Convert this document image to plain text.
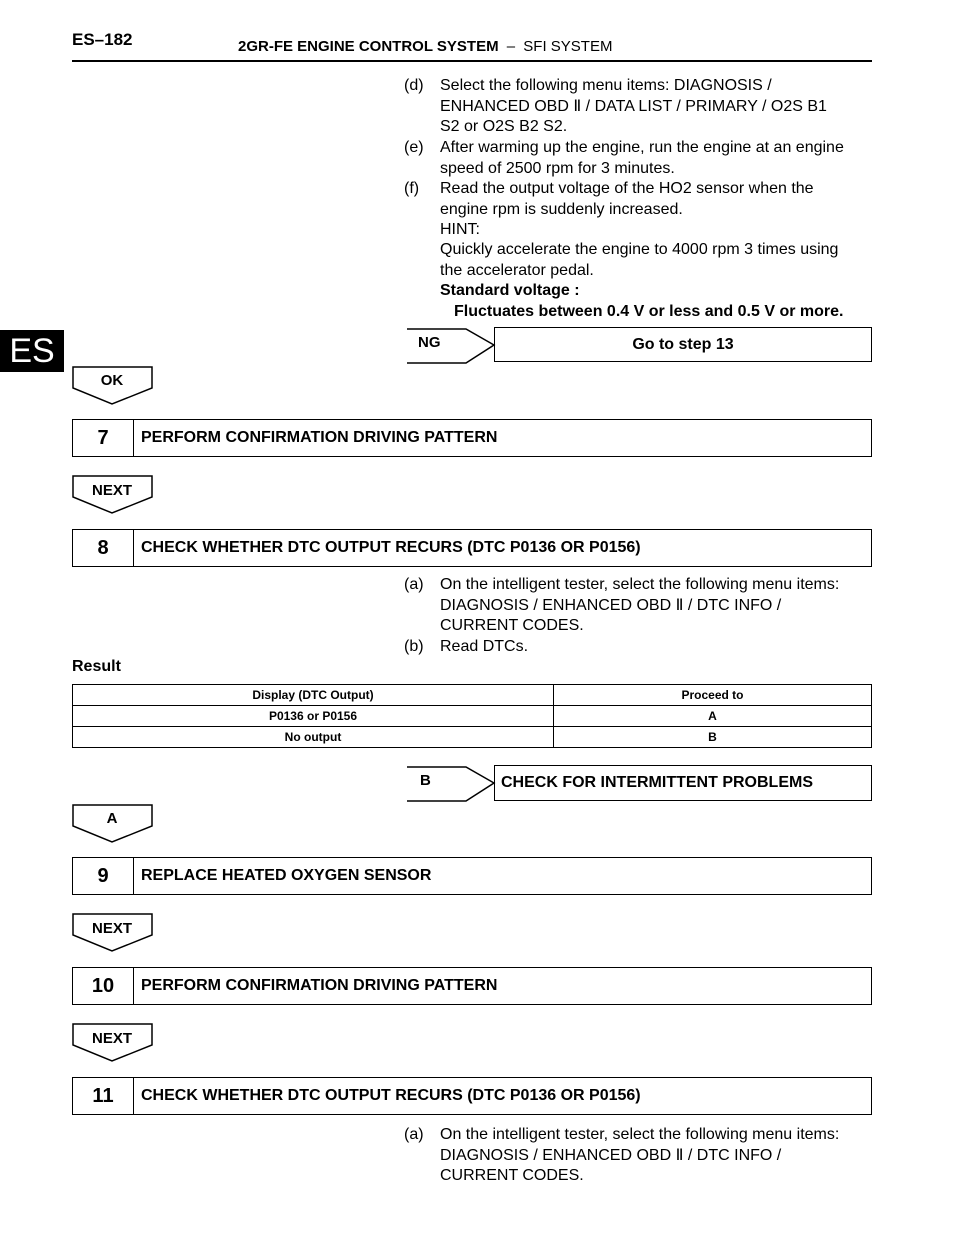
ES–182	2GR-FE ENGINE CONTROL SYSTEM – SFI SYSTEM
ES
(d) Select the following menu items: DIAGNOSIS /
ENHANCED OBD Ⅱ / DATA LIST / PRIMARY / O2S B1
S2 or O2S B2 S2.
(e) After warming up the engine, run the engine at an engine
speed of 2500 rpm for 3 minutes.
(f) Read the output voltage of the HO2 sensor when the
engine rpm is suddenly increased.
HINT:
Quickly accelerate the engine to 4000 rpm 3 times using
the accelerator pedal.
Standard voltage :
Fluctuates between 0.4 V or less and 0.5 V or more.
NG	Go to step 13
OK
7	PERFORM CONFIRMATION DRIVING PATTERN
NEXT
8	CHECK WHETHER DTC OUTPUT RECURS (DTC P0136 OR P0156)
(a) On the intelligent tester, select the following menu items:
DIAGNOSIS / ENHANCED OBD Ⅱ / DTC INFO /
CURRENT CODES.
(b) Read DTCs.
Result
Display (DTC Output)	Proceed to
P0136 or P0156	A
No output	B
B	CHECK FOR INTERMITTENT PROBLEMS
A
9	REPLACE HEATED OXYGEN SENSOR
NEXT
10	PERFORM CONFIRMATION DRIVING PATTERN
NEXT
11	CHECK WHETHER DTC OUTPUT RECURS (DTC P0136 OR P0156)
(a) On the intelligent tester, select the following menu items:
DIAGNOSIS / ENHANCED OBD Ⅱ / DTC INFO /
CURRENT CODES.
